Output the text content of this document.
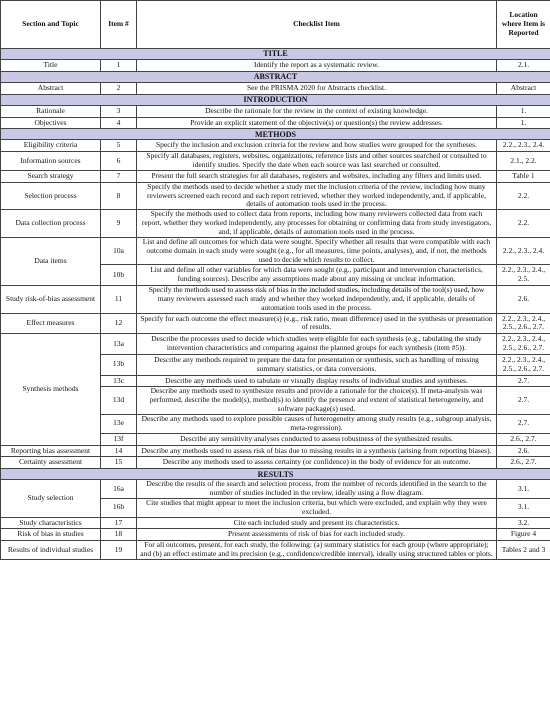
Section and Topic	Item #	Checklist Item	Location where Item is Reported
TITLE			
Title	1	Identify the report as a systematic review.	2.1.
ABSTRACT			
Abstract	2	See the PRISMA 2020 for Abstracts checklist.	Abstract
INTRODUCTION			
Rationale	3	Describe the rationale for the review in the context of existing knowledge.	1.
Objectives	4	Provide an explicit statement of the objective(s) or question(s) the review addresses.	1.
METHODS			
Eligibility criteria	5	Specify the inclusion and exclusion criteria for the review and how studies were grouped for the syntheses.	2.2., 2.3., 2.4.
Information sources	6	Specify all databases, registers, websites, organizations, reference lists and other sources searched or consulted to identify studies. Specify the date when each source was last searched or consulted.	2.1., 2.2.
Search strategy	7	Present the full search strategies for all databases, registers and websites, including any filters and limits used.	Table 1
Selection process	8	Specify the methods used to decide whether a study met the inclusion criteria of the review, including how many reviewers screened each record and each report retrieved, whether they worked independently, and, if applicable, details of automation tools used in the process.	2.2.
Data collection process	9	Specify the methods used to collect data from reports, including how many reviewers collected data from each report, whether they worked independently, any processes for obtaining or confirming data from study investigators, and, if applicable, details of automation tools used in the process.	2.2.
Data items	10a	List and define all outcomes for which data were sought. Specify whether all results that were compatible with each outcome domain in each study were sought (e.g., for all measures, time points, analyses), and, if not, the methods used to decide which results to collect.	2.2., 2.3., 2.4.
	10b	List and define all other variables for which data were sought (e.g., participant and intervention characteristics, funding sources). Describe any assumptions made about any missing or unclear information.	2.2., 2.3., 2.4., 2.5.
Study risk-of-bias assessment	11	Specify the methods used to assess risk of bias in the included studies, including details of the tool(s) used, how many reviewers assessed each study and whether they worked independently, and, if applicable, details of automation tools used in the process.	2.6.
Effect measures	12	Specify for each outcome the effect measure(s) (e.g., risk ratio, mean difference) used in the synthesis or presentation of results.	2.2., 2.3., 2.4., 2.5., 2.6., 2.7.
Synthesis methods	13a	Describe the processes used to decide which studies were eligible for each synthesis (e.g., tabulating the study intervention characteristics and comparing against the planned groups for each synthesis (item #5)).	2.2., 2.3., 2.4., 2.5., 2.6., 2.7.
	13b	Describe any methods required to prepare the data for presentation or synthesis, such as handling of missing summary statistics, or data conversions.	2.2., 2.3., 2.4., 2.5., 2.6., 2.7.
	13c	Describe any methods used to tabulate or visually display results of individual studies and syntheses.	2.7.
	13d	Describe any methods used to synthesize results and provide a rationale for the choice(s). If meta-analysis was performed, describe the model(s), method(s) to identify the presence and extent of statistical heterogeneity, and software package(s) used.	2.7.
	13e	Describe any methods used to explore possible causes of heterogeneity among study results (e.g., subgroup analysis, meta-regression).	2.7.
	13f	Describe any sensitivity analyses conducted to assess robustness of the synthesized results.	2.6., 2.7.
Reporting bias assessment	14	Describe any methods used to assess risk of bias due to missing results in a synthesis (arising from reporting biases).	2.6.
Certainty assessment	15	Describe any methods used to assess certainty (or confidence) in the body of evidence for an outcome.	2.6., 2.7.
RESULTS			
Study selection	16a	Describe the results of the search and selection process, from the number of records identified in the search to the number of studies included in the review, ideally using a flow diagram.	3.1.
	16b	Cite studies that might appear to meet the inclusion criteria, but which were excluded, and explain why they were excluded.	3.1.
Study characteristics	17	Cite each included study and present its characteristics.	3.2.
Risk of bias in studies	18	Present assessments of risk of bias for each included study.	Figure 4
Results of individual studies	19	For all outcomes, present, for each study, the following: (a) summary statistics for each group (where appropriate); and (b) an effect estimate and its precision (e.g., confidence/credible interval), ideally using structured tables or plots.	Tables 2 and 3
